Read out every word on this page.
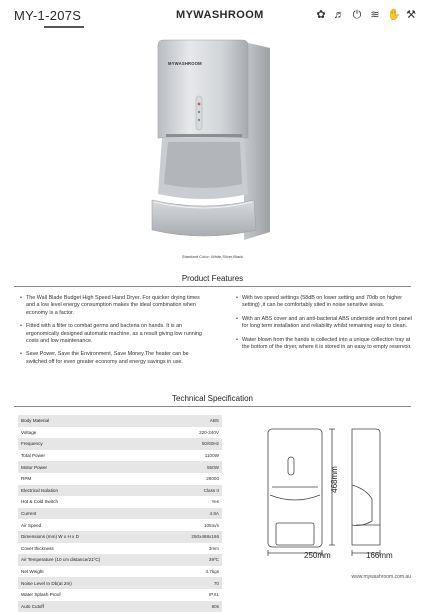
MY-1-207S	MYWASHROOM	✿ ♬ ⏻ ≋ ✋ ⚒
MYWASHROOM
Standard Color: White,Silver,Black
Product Features

• The Wall Blade Budget High Speed Hand Dryer. For quicker drying times and a low level energy consumption makes the ideal combination when economy is a factor.

• Fitted with a filter to combat germs and bacteria on hands. It is an ergonomically designed automatic machine, as a result giving low running costs and low maintenance.

• Save Power, Save the Environment, Save Money.The heater can be switched off for even greater economy and energy savings in use.

• With two speed settings (58dB on lower setting and 70db on higher setting) ,it can be comfortably sited in noise sensitive areas.

• With an ABS cover and an anti-bacterial ABS underside and front panel for long term installation and reliability whilst remaining easy to clean.

• Water blown from the hands is collected into a unique collection tray at the bottom of the dryer, where it is stored in an easy to empty reservoir.

Technical Specification
Body Material	ABS
Voltage	220-240V
Frequency	50/60Hz
Total Power	1100W
Motor Power	550W
RPM	26000
Electrical Isolation	Class II
Hot & Cold Switch	Yes
Current	4.8A
Air Speed	105m/s
Dimensions (mm) W x H x D	250x468x166
Cover thickness	3mm
Air Temperature (10 cm distance/21ºC)	39ºC
Net Weight	3.7kgs
Noise Level In Db(at 2m)	70
Water Splash Proof	IPX1
Auto Cutoff	60s
250mm	166mm
468mm
www.mywashroom.com.au
